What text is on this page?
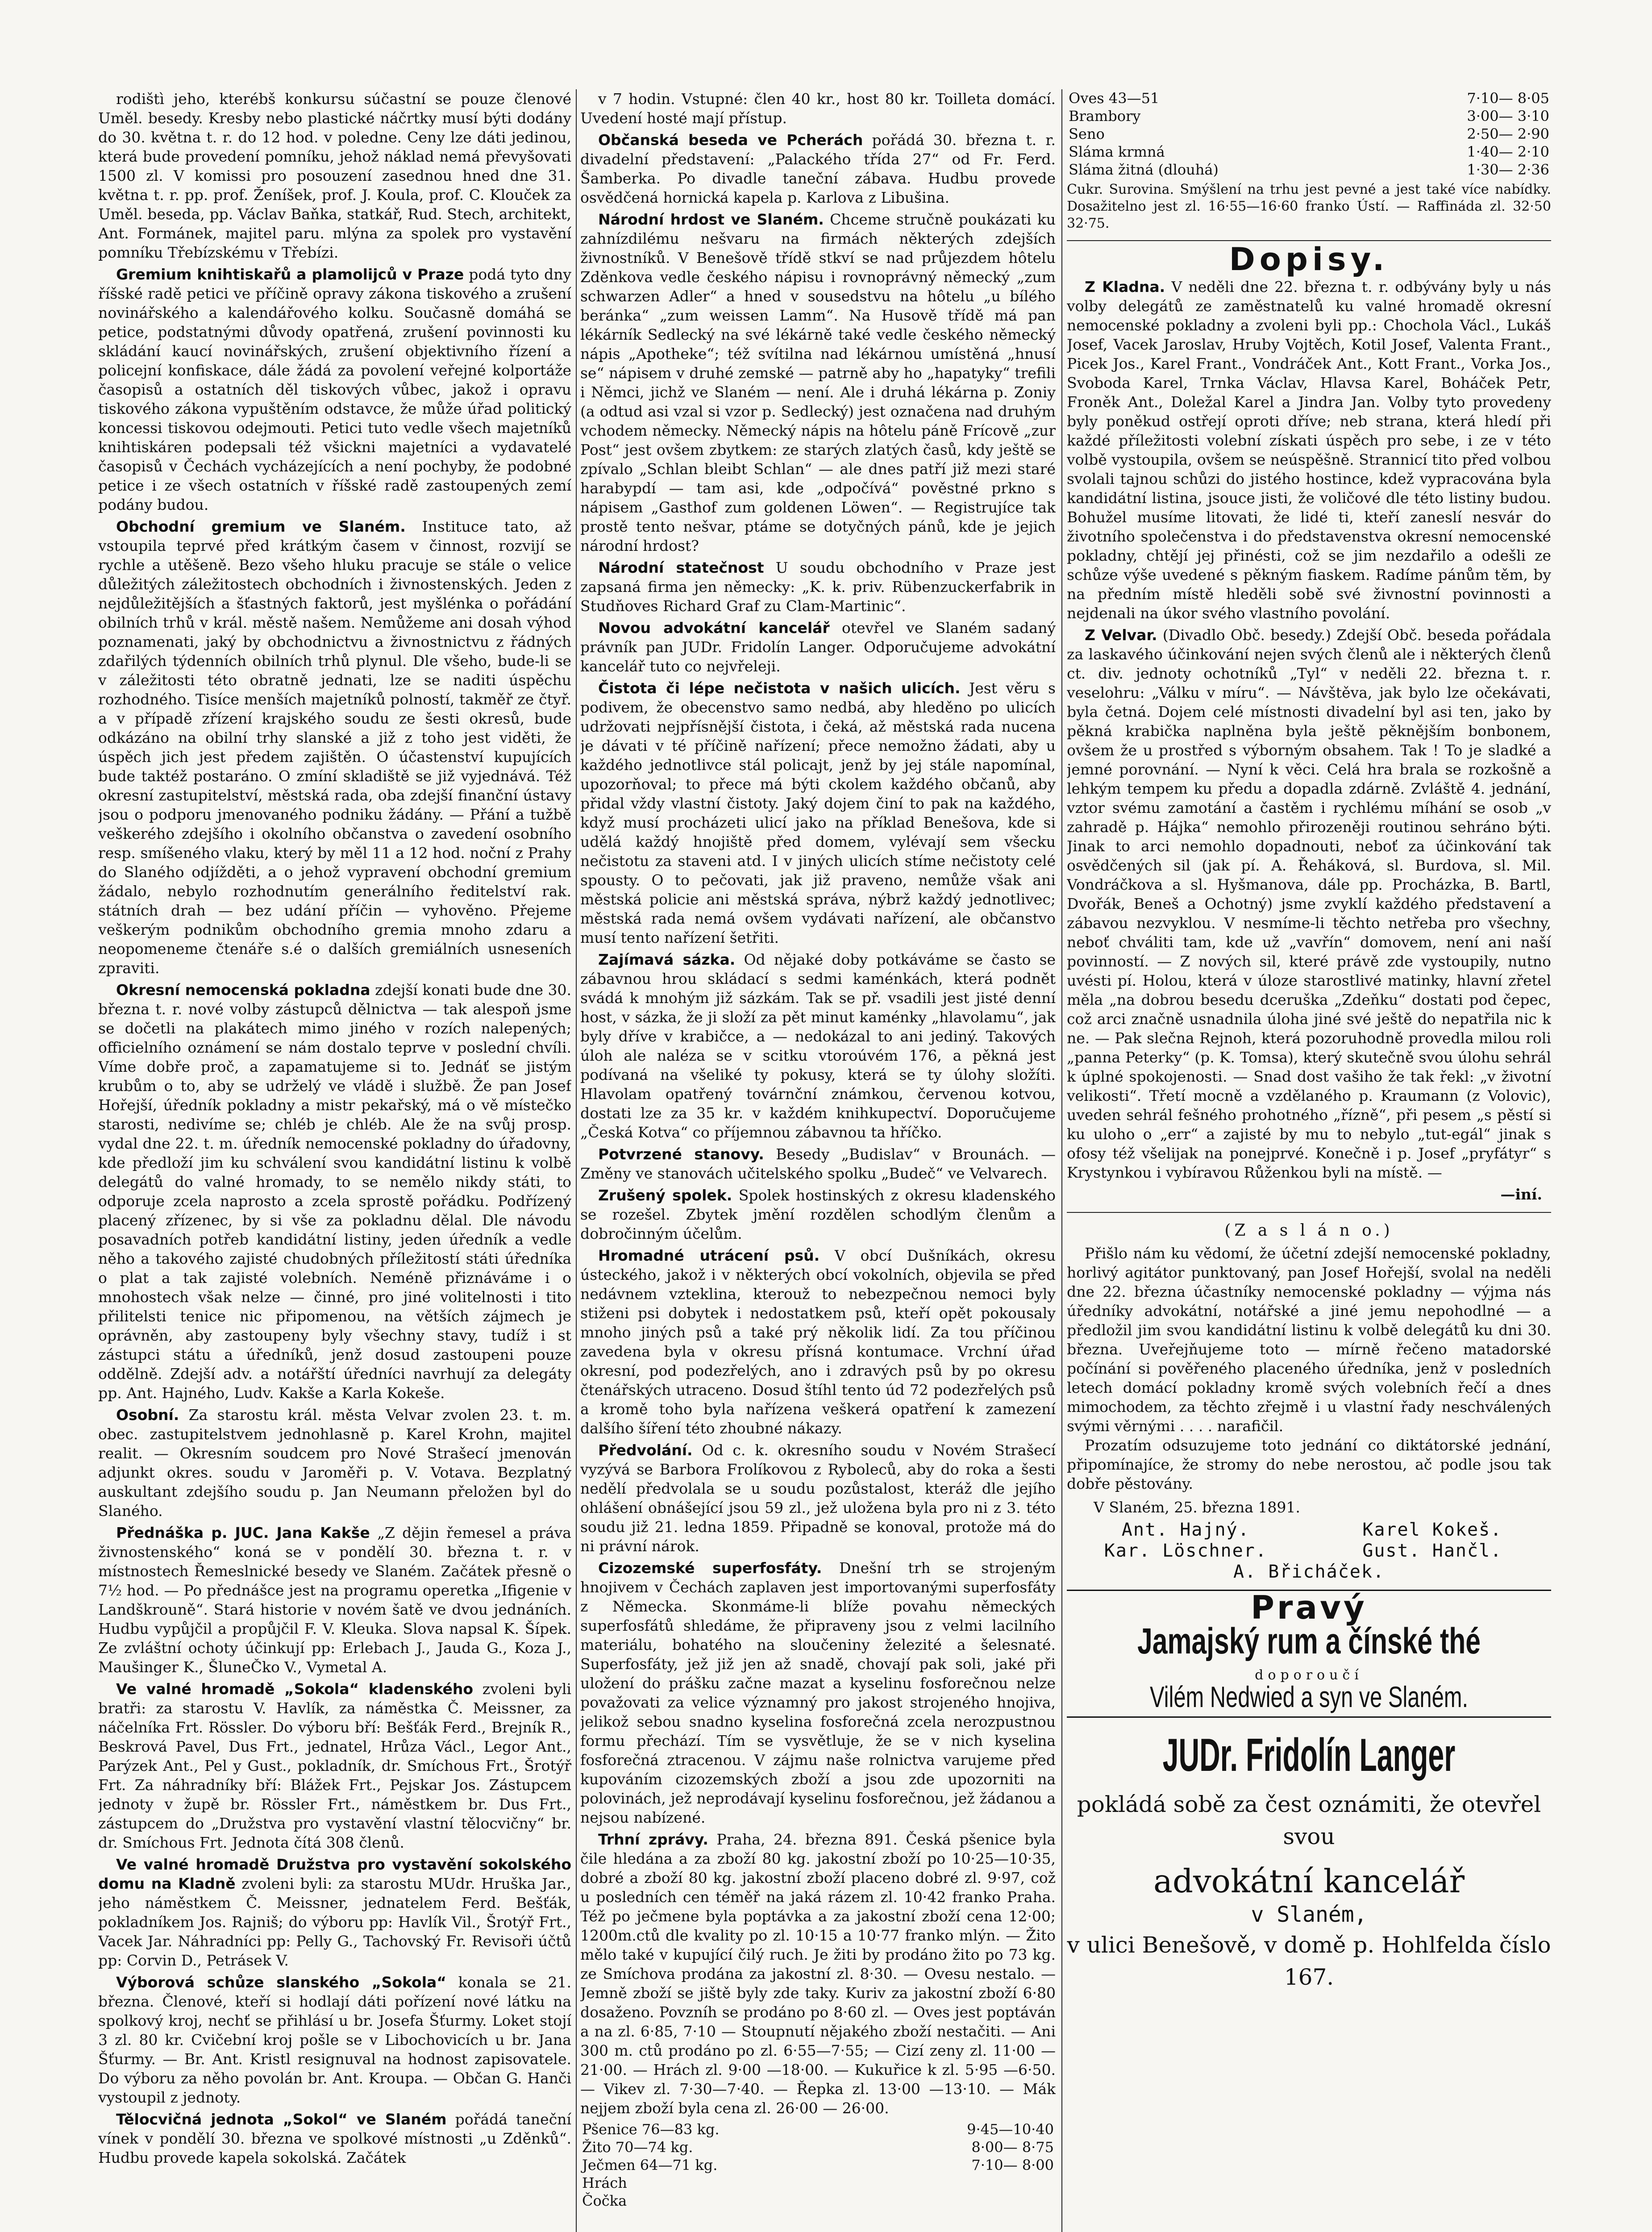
rodištì jeho, kterébš konkursu súčastní se pouze členové Uměl. besedy. Kresby nebo plastické náčrtky musí býti dodány do 30. května t. r. do 12 hod. v poledne. Ceny lze dáti jedinou, která bude provedení pomníku, jehož náklad nemá převyšovati 1500 zl. V komissi pro posouzení zasednou hned dne 31. května t. r. pp. prof. Ženíšek, prof. J. Koula, prof. C. Klouček za Uměl. beseda, pp. Václav Baňka, statkář, Rud. Stech, architekt, Ant. Formánek, majitel paru. mlýna za spolek pro vystavění pomníku Třebízskému v Třebízi.

Gremium knihtiskařů a plamolijců v Praze podá tyto dny říšské radě petici ve příčině opravy zákona tiskového a zrušení novinářského a kalendářového kolku. Současně domáhá se petice, podstatnými důvody opatřená, zrušení povinnosti ku skládání kaucí novinářských, zrušení objektivního řízení a policejní konfiskace, dále žádá za povolení veřejné kolportáže časopisů a ostatních děl tiskových vůbec, jakož i opravu tiskového zákona vypuštěním odstavce, že může úřad politický koncessi tiskovou odejmouti. Petici tuto vedle všech majetníků knihtiskáren podepsali též všickni majetníci a vydavatelé časopisů v Čechách vycházejících a není pochyby, že podobné petice i ze všech ostatních v říšské radě zastoupených zemí podány budou.

Obchodní gremium ve Slaném. Instituce tato, až vstoupila teprvé před krátkým časem v činnost, rozvijí se rychle a utěšeně. Bezo všeho hluku pracuje se stále o velice důležitých záležitostech obchodních i živnostenských. Jeden z nejdůležitějších a šťastných faktorů, jest myšlénka o pořádání obilních trhů v král. městě našem. Nemůžeme ani dosah výhod poznamenati, jaký by obchodnictvu a živnostnictvu z řádných zdařilých týdenních obilních trhů plynul. Dle všeho, bude-li se v záležitosti této obratně jednati, lze se naditi úspěchu rozhodného. Tisíce menších majetníků polností, takměř ze čtyř. a v případě zřízení krajského soudu ze šesti okresů, bude odkázáno na obilní trhy slanské a již z toho jest viděti, že úspěch jich jest předem zajištěn. O účastenství kupujících bude taktéž postaráno. O zmíní skladiště se již vyjednává. Též okresní zastupitelství, městská rada, oba zdejší finanční ústavy jsou o podporu jmenovaného podniku žádány. — Přání a tužbě veškerého zdejšího i okolního občanstva o zavedení osobního resp. smíšeného vlaku, který by měl 11 a 12 hod. noční z Prahy do Slaného odjížděti, a o jehož vypravení obchodní gremium žádalo, nebylo rozhodnutím generálního ředitelství rak. státních drah — bez udání příčin — vyhověno. Přejeme veškerým podnikům obchodního gremia mnoho zdaru a neopomeneme čtenáře s.é o dalších gremiálních usneseních zpraviti.

Okresní nemocenská pokladna zdejší konati bude dne 30. března t. r. nové volby zástupců dělnictva — tak alespoň jsme se dočetli na plakátech mimo jiného v rozích nalepených; officielního oznámení se nám dostalo teprve v poslední chvíli. Víme dobře proč, a zapamatujeme si to. Jednáť se jistým krubům o to, aby se udrželý ve vládě i službě. Že pan Josef Hořejší, úředník pokladny a mistr pekařský, má o vě místečko starosti, nedivíme se; chléb je chléb. Ale že na svůj prosp. vydal dne 22. t. m. úředník nemocenské pokladny do úřadovny, kde předloží jim ku schválení svou kandidátní listinu k volbě delegátů do valné hromady, to se nemělo nikdy státi, to odporuje zcela naprosto a zcela sprostě pořádku. Podřízený placený zřízenec, by si vše za pokladnu dělal. Dle návodu posavadních potřeb kandidátní listiny, jeden úředník a vedle něho a takového zajisté chudobných příležitostí státi úředníka o plat a tak zajisté volebních. Neméně přiznáváme i o mnohostech však nelze — činné, pro jiné volitelnosti i tito přilitelsti tenice nic připomenou, na větších zájmech je oprávněn, aby zastoupeny byly všechny stavy, tudíž i st zástupci státu a úředníků, jenž dosud zastoupeni pouze oddělně. Zdejší adv. a notářští úředníci navrhují za delegáty pp. Ant. Hajného, Ludv. Kakše a Karla Kokeše.

Osobní. Za starostu král. města Velvar zvolen 23. t. m. obec. zastupitelstvem jednohlasně p. Karel Krohn, majitel realit. — Okresním soudcem pro Nové Strašecí jmenován adjunkt okres. soudu v Jaroměři p. V. Votava. Bezplatný auskultant zdejšího soudu p. Jan Neumann přeložen byl do Slaného.

Přednáška p. JUC. Jana Kakše „Z dějin řemesel a práva živnostenského“ koná se v pondělí 30. března t. r. v místnostech Řemeslnické besedy ve Slaném. Začátek přesně o 7½ hod. — Po přednášce jest na programu operetka „Ifigenie v Landškrouně“. Stará historie v novém šatě ve dvou jednáních. Hudbu vypůjčil a propůjčil F. V. Kleuka. Slova napsal K. Šípek. Ze zvláštní ochoty účinkují pp: Erlebach J., Jauda G., Koza J., Maušinger K., ŠluneČko V., Vymetal A.

Ve valné hromadě „Sokola“ kladenského zvoleni byli bratři: za starostu V. Havlík, za náměstka Č. Meissner, za náčelníka Frt. Rössler. Do výboru bří: Bešťák Ferd., Brejník R., Beskrová Pavel, Dus Frt., jednatel, Hrůza Václ., Legor Ant., Parýzek Ant., Pel y Gust., pokladník, dr. Smíchous Frt., Šrotýř Frt. Za náhradníky bří: Blážek Frt., Pejskar Jos. Zástupcem jednoty v župě br. Rössler Frt., náměstkem br. Dus Frt., zástupcem do „Družstva pro vystavění vlastní tělocvičny“ br. dr. Smíchous Frt. Jednota čítá 308 členů.

Ve valné hromadě Družstva pro vystavění sokolského domu na Kladně zvoleni byli: za starostu MUdr. Hruška Jar., jeho náměstkem Č. Meissner, jednatelem Ferd. Bešťák, pokladníkem Jos. Rajniš; do výboru pp: Havlík Vil., Šrotýř Frt., Vacek Jar. Náhradníci pp: Pelly G., Tachovský Fr. Revisoři účtů pp: Corvin D., Petrásek V.

Výborová schůze slanského „Sokola“ konala se 21. března. Členové, kteří si hodlají dáti pořízení nové látku na spolkový kroj, nechť se přihlásí u br. Josefa Šťurmy. Loket stojí 3 zl. 80 kr. Cvičební kroj pošle se v Libochovicích u br. Jana Šťurmy. — Br. Ant. Kristl resignuval na hodnost zapisovatele. Do výboru za něho povolán br. Ant. Kroupa. — Občan G. Hanči vystoupil z jednoty.

Tělocvičná jednota „Sokol“ ve Slaném pořádá taneční vínek v pondělí 30. března ve spolkové místnosti „u Zděnků“. Hudbu provede kapela sokolská. Začátek

v 7 hodin. Vstupné: člen 40 kr., host 80 kr. Toilleta domácí. Uvedení hosté mají přístup.

Občanská beseda ve Pcherách pořádá 30. března t. r. divadelní představení: „Palackého třída 27“ od Fr. Ferd. Šamberka. Po divadle taneční zábava. Hudbu provede osvědčená hornická kapela p. Karlova z Libušina.

Národní hrdost ve Slaném. Chceme stručně poukázati ku zahnízdilému nešvaru na firmách některých zdejších živnostníků. V Benešově třídě stkví se nad průjezdem hôtelu Zděnkova vedle českého nápisu i rovnoprávný německý „zum schwarzen Adler“ a hned v sousedstvu na hôtelu „u bílého beránka“ „zum weissen Lamm“. Na Husově třídě má pan lékárník Sedlecký na své lékárně také vedle českého německý nápis „Apotheke“; též svítilna nad lékárnou umístěná „hnusí se“ nápisem v druhé zemské — patrně aby ho „hapatyky“ trefili i Němci, jichž ve Slaném — není. Ale i druhá lékárna p. Zoniy (a odtud asi vzal si vzor p. Sedlecký) jest označena nad druhým vchodem německy. Německý nápis na hôtelu páně Frícově „zur Post“ jest ovšem zbytkem: ze starých zlatých časů, kdy ještě se zpívalo „Schlan bleibt Schlan“ — ale dnes patří již mezi staré harabурdí — tam asi, kde „odpočívá“ pověstné prkno s nápisem „Gasthof zum goldenen Löwen“. — Registrujíce tak prostě tento nešvar, ptáme se dotyčných pánů, kde je jejich národní hrdost?

Národní statečnost U soudu obchodního v Praze jest zapsaná firma jen německy: „K. k. priv. Rübenzuckerfabrik in Studňoves Richard Graf zu Clam-Martinic“.

Novou advokátní kancelář otevřel ve Slaném sadaný právník pan JUDr. Fridolín Langer. Odporučujeme advokátní kancelář tuto co nejvřeleji.

Čistota či lépe nečistota v našich ulicích. Jest věru s podivem, že obecenstvo samo nedbá, aby hleděno po ulicích udržovati nejpřísnější čistota, i čeká, až městská rada nucena je dávati v té příčině nařízení; přece nemožno žádati, aby u každého jednotlivce stál policajt, jenž by jej stále napomínal, upozorňoval; to přece má býti ckolem každého občanů, aby přidal vždy vlastní čistoty. Jaký dojem činí to pak na každého, když musí procházeti ulicí jako na příklad Benešova, kde si udělá každý hnojiště před domem, vylévají sem všecku nečistotu za staveni atd. I v jiných ulicích stíme nečistoty celé spousty. O to pečovati, jak již praveno, nemůže však ani městská policie ani městská správa, nýbrž každý jednotlivec; městská rada nemá ovšem vydávati nařízení, ale občanstvo musí tento nařízení šetřiti.

Zajímavá sázka. Od nějaké doby potkáváme se často se zábavnou hrou skládací s sedmi kaménkách, která podnět svádá k mnohým již sázkám. Tak se př. vsadili jest jisté denní host, v sázka, že ji složí za pět minut kaménky „hlavolamu“, jak byly dříve v krabičce, a — nedokázal to ani jediný. Takových úloh ale naléza se v scitku vtoroúvém 176, a pěkná jest podívaná na všeliké ty pokusy, která se ty úlohy složíti. Hlavolam opatřený továrnční známkou, červenou kotvou, dostati lze za 35 kr. v každém knihkupectví. Doporučujeme „Česká Kotva“ co příjemnou zábavnou ta hříčko.

Potvrzené stanovy. Besedy „Budislav“ v Brounách. — Změny ve stanovách učitelského spolku „Budeč“ ve Velvarech.

Zrušený spolek. Spolek hostinských z okresu kladenského se rozešel. Zbytek jmění rozdělen schodlým členům a dobročinným účelům.

Hromadné utrácení psů. V obcí Dušníkách, okresu ústeckého, jakož i v některých obcí vokolních, objevila se před nedávnem vzteklina, kterouž to nebezpečnou nemoci byly stiženi psi dobytek i nedostatkem psů, kteří opět pokousaly mnoho jiných psů a také prý několik lidí. Za tou příčinou zavedena byla v okresu přísná kontumace. Vrchní úřad okresní, pod podezřelých, ano i zdravých psů by po okresu čtenářských utraceno. Dosud štíhl tento úd 72 podezřelých psů a kromě toho byla nařízena veškerá opatření k zamezení dalšího šíření této zhoubné nákazy.

Předvolání. Od c. k. okresního soudu v Novém Strašecí vyzývá se Barbora Frolíkovou z Ryboleců, aby do roka a šesti nedělí předvolala se u soudu pozůstalost, kteráž dle jejího ohlášení obnášející jsou 59 zl., jež uložena byla pro ni z 3. této soudu již 21. ledna 1859. Připadně se konoval, protože má do ni právní nárok.

Cizozemské superfosfáty. Dnešní trh se strojeným hnojivem v Čechách zaplaven jest importovanými superfosfáty z Německa. Skonmáme-li blíže povahu německých superfosfátů shledáme, že připraveny jsou z velmi lacilního materiálu, bohatého na sloučeniny železité a šelesnaté. Superfosfáty, jež již jen až snadě, chovají pak soli, jaké při uložení do prášku začne mazat a kyselinu fosforečnou nelze považovati za velice významný pro jakost strojeného hnojiva, jelikož sebou snadno kyselina fosforečná zcela nerozpustnou formu přechází. Tím se vysvětluje, že se v nich kyselina fosforečná ztracenou. V zájmu naše rolnictva varujeme před kupováním cizozemských zboží a jsou zde upozorniti na polovinách, jež neprodávají kyselinu fosforečnou, jež žádanou a nejsou nabízené.

Trhní zprávy. Praha, 24. března 891. Česká pšenice byla čile hledána a za zboží 80 kg. jakostní zboží po 10·25—10·35, dobré a zboží 80 kg. jakostní zboží placeno dobré zl. 9·97, což u posledních cen téměř na jaká rázem zl. 10·42 franko Praha. Též po ječmene byla poptávka a za jakostní zboží cena 12·00; 1200m.ctů dle kvality po zl. 10·15 a 10·77 franko mlýn. — Žito mělo také v kupující čilý ruch. Je žiti by prodáno žito po 73 kg. ze Smíchova prodána za jakostní zl. 8·30. — Ovesu nestalo. — Jemně zboží se jiště byly zde taky. Kuriv za jakostní zboží 6·80 dosaženo. Povzníh se prodáno po 8·60 zl. — Oves jest poptáván a na zl. 6·85, 7·10 — Stoupnutí nějakého zboží nestačiti. — Ani 300 m. ctů prodáno po zl. 6·55—7·55; — Cizí zeny zl. 11·00 —21·00. — Hrách zl. 9·00 —18·00. — Kukuřice k zl. 5·95 —6·50. — Vikev zl. 7·30—7·40. — Řepka zl. 13·00 —13·10. — Mák nejjem zboží byla cena zl. 26·00 — 26·00.

Pšenice 76—83 kg.	9·45—10·40
Žito 70—74 kg.	8·00— 8·75
Ječmen 64—71 kg.	7·10— 8·00
Hrách	
Čočka	
Oves 43—51	7·10— 8·05
Brambory	3·00— 3·10
Seno	2·50— 2·90
Sláma krmná	1·40— 2·10
Sláma žitná (dlouhá)	1·30— 2·36
Cukr. Surovina. Smýšlení na trhu jest pevné a jest také více nabídky. Dosažitelno jest zl. 16·55—16·60 franko Ústí. — Raffináda zl. 32·50 32·75.
Dopisy.

Z Kladna. V neděli dne 22. března t. r. odbývány byly u nás volby delegátů ze zaměstnatelů ku valné hromadě okresní nemocenské pokladny a zvoleni byli pp.: Chochola Václ., Lukáš Josef, Vacek Jaroslav, Hruby Vojtěch, Kotil Josef, Valenta Frant., Picek Jos., Karel Frant., Vondráček Ant., Kott Frant., Vorka Jos., Svoboda Karel, Trnka Václav, Hlavsa Karel, Boháček Petr, Froněk Ant., Doležal Karel a Jindra Jan. Volby tyto provedeny byly poněkud ostřejí oproti dříve; neb strana, která hledí při každé příležitosti volební získati úspěch pro sebe, i ze v této volbě vystoupila, ovšem se neúspěšně. Strannicí tito před volbou svolali tajnou schůzi do jistého hostince, kdež vypracována byla kandidátní listina, jsouce jisti, že voličové dle této listiny budou. Bohužel musíme litovati, že lidé ti, kteří zaneslí nesvár do životního společenstva i do představenstva okresní nemocenské pokladny, chtějí jej přinésti, což se jim nezdařilo a odešli ze schůze výše uvedené s pěkným fiaskem. Radíme pánům těm, by na předním místě hleděli sobě své živnostní povinnosti a nejdenali na úkor svého vlastního povolání.

Z Velvar. (Divadlo Obč. besedy.) Zdejší Obč. beseda pořádala za laskavého účinkování nejen svých členů ale i některých členů ct. div. jednoty ochotníků „Tyl“ v neděli 22. března t. r. veselohru: „Válku v míru“. — Návštěva, jak bylo lze očekávati, byla četná. Dojem celé místnosti divadelní byl asi ten, jako by pěkná krabička naplněna byla ještě pěknějším bonbonem, ovšem že u prostřed s výborným obsahem. Tak ! To je sladké a jemné porovnání. — Nyní k věci. Celá hra brala se rozkošně a lehkým tempem ku předu a dopadla zdárně. Zvláště 4. jednání, vztor svému zamotání a častěm i rychlému míhání se osob „v zahradě p. Hájka“ nemohlo přirozeněji routinou sehráno býti. Jinak to arci nemohlo dopadnouti, neboť za účinkování tak osvědčených sil (jak pí. A. Řeháková, sl. Burdova, sl. Mil. Vondráčkova a sl. Hyšmanova, dále pp. Procházka, B. Bartl, Dvořák, Beneš a Ochotný) jsme zvyklí každého představení a zábavou nezvyklou. V nesmíme-li těchto netřeba pro všechny, neboť chváliti tam, kde už „vavřín“ domovem, není ani naší povinností. — Z nových sil, které právě zde vystoupily, nutno uvésti pí. Holou, která v úloze starostlivé matinky, hlavní zřetel měla „na dobrou besedu dceruška „Zdeňku“ dostati pod čepec, což arci značně usnadnila úloha jiné své ještě do nepatřila nic k ne. — Pak slečna Rejnoh, která pozoruhodně provedla milou roli „panna Peterky“ (p. K. Tomsa), který skutečně svou úlohu sehrál k úplné spokojenosti. — Snad dost vašiho že tak řekl: „v životní velikosti“. Třetí mocně a vzdělaného p. Kraumann (z Volovic), uveden sehrál fešného prohotného „řízně“, při pesem „s pěstí si ku uloho o „err“ a zajisté by mu to nebylo „tut-egál“ jinak s ofosy též všelijak na ponejprvé. Konečně i p. Josef „pryfátyr“ s Krystynkou i vybíravou Růženkou byli na místě. —

—iní.
(Z a s l á n o.)

Přišlo nám ku vědomí, že účetní zdejší nemocenské pokladny, horlivý agitátor punktovaný, pan Josef Hořejší, svolal na neděli dne 22. března účastníky nemocenské pokladny — výjma nás úředníky advokátní, notářské a jiné jemu nepohodlné — a předložil jim svou kandidátní listinu k volbě delegátů ku dni 30. března. Uveřejňujeme toto — mírně řečeno matadorské počínání si pověřeného placeného úředníka, jenž v posledních letech domácí pokladny kromě svých volebních řečí a dnes mimochodem, za těchto zřejmě i u vlastní řady neschválených svými věrnými . . . . narafičil.

Prozatím odsuzujeme toto jednání co diktátorské jednání, připomínajíce, že stromy do nebe nerostou, ač podle jsou tak dobře pěstovány.

V Slaném, 25. března 1891.
Ant. Hajný.	Karel Kokeš.
Kar. Löschner.	Gust. Hančl.
A. Břicháček.
Pravý
Jamajský rum a čínské thé
doporoučí
Vilém Nedwied a syn ve Slaném.
JUDr. Fridolín Langer
pokládá sobě za čest oznámiti, že otevřel svou
advokátní kancelář
v Slaném,
v ulici Benešově, v domě p. Hohlfelda číslo 167.
